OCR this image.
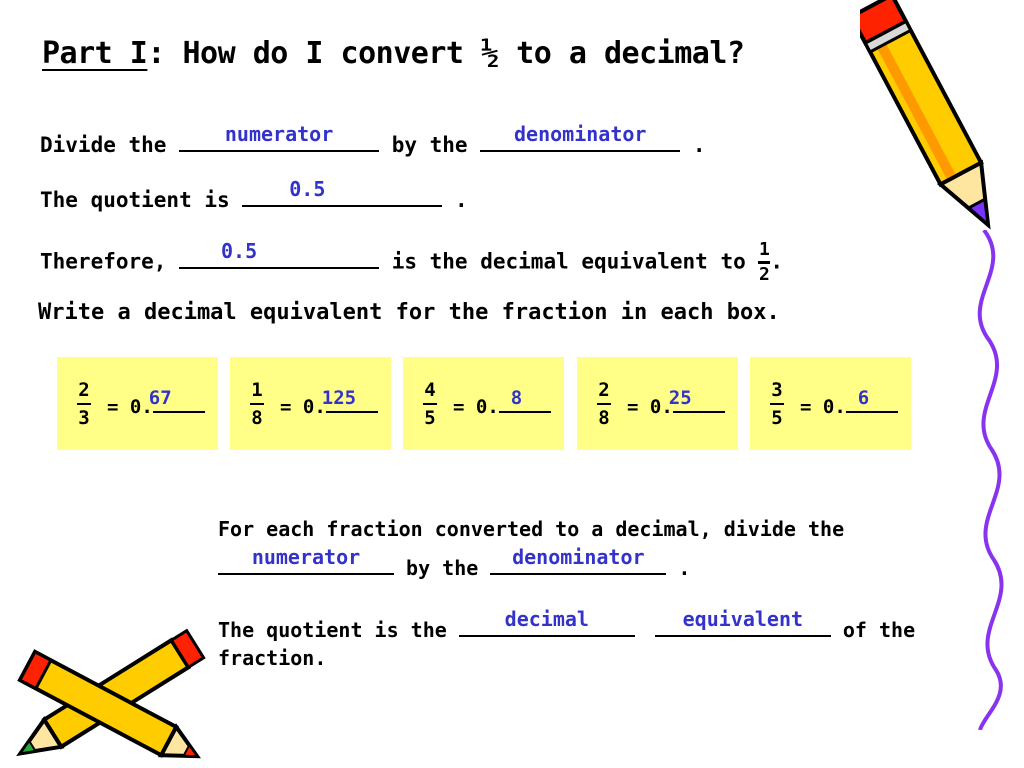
Part I: How do I convert ½ to a decimal?
Divide the	numerator	by the	denominator	.
The quotient is	0.5	.
Therefore,	0.5	is the decimal equivalent to $\frac{1}{2}$ .
Write a decimal equivalent for the fraction in each box.
2
3 = 0.
67	1
8 = 0.
125	4
5 = 0. 8	2
8 = 0.
25	3
5 = 0. 6
For each fraction converted to a decimal, divide the
numerator	by the	denominator	.
The quotient is the	decimal	equivalent	of the
fraction.
